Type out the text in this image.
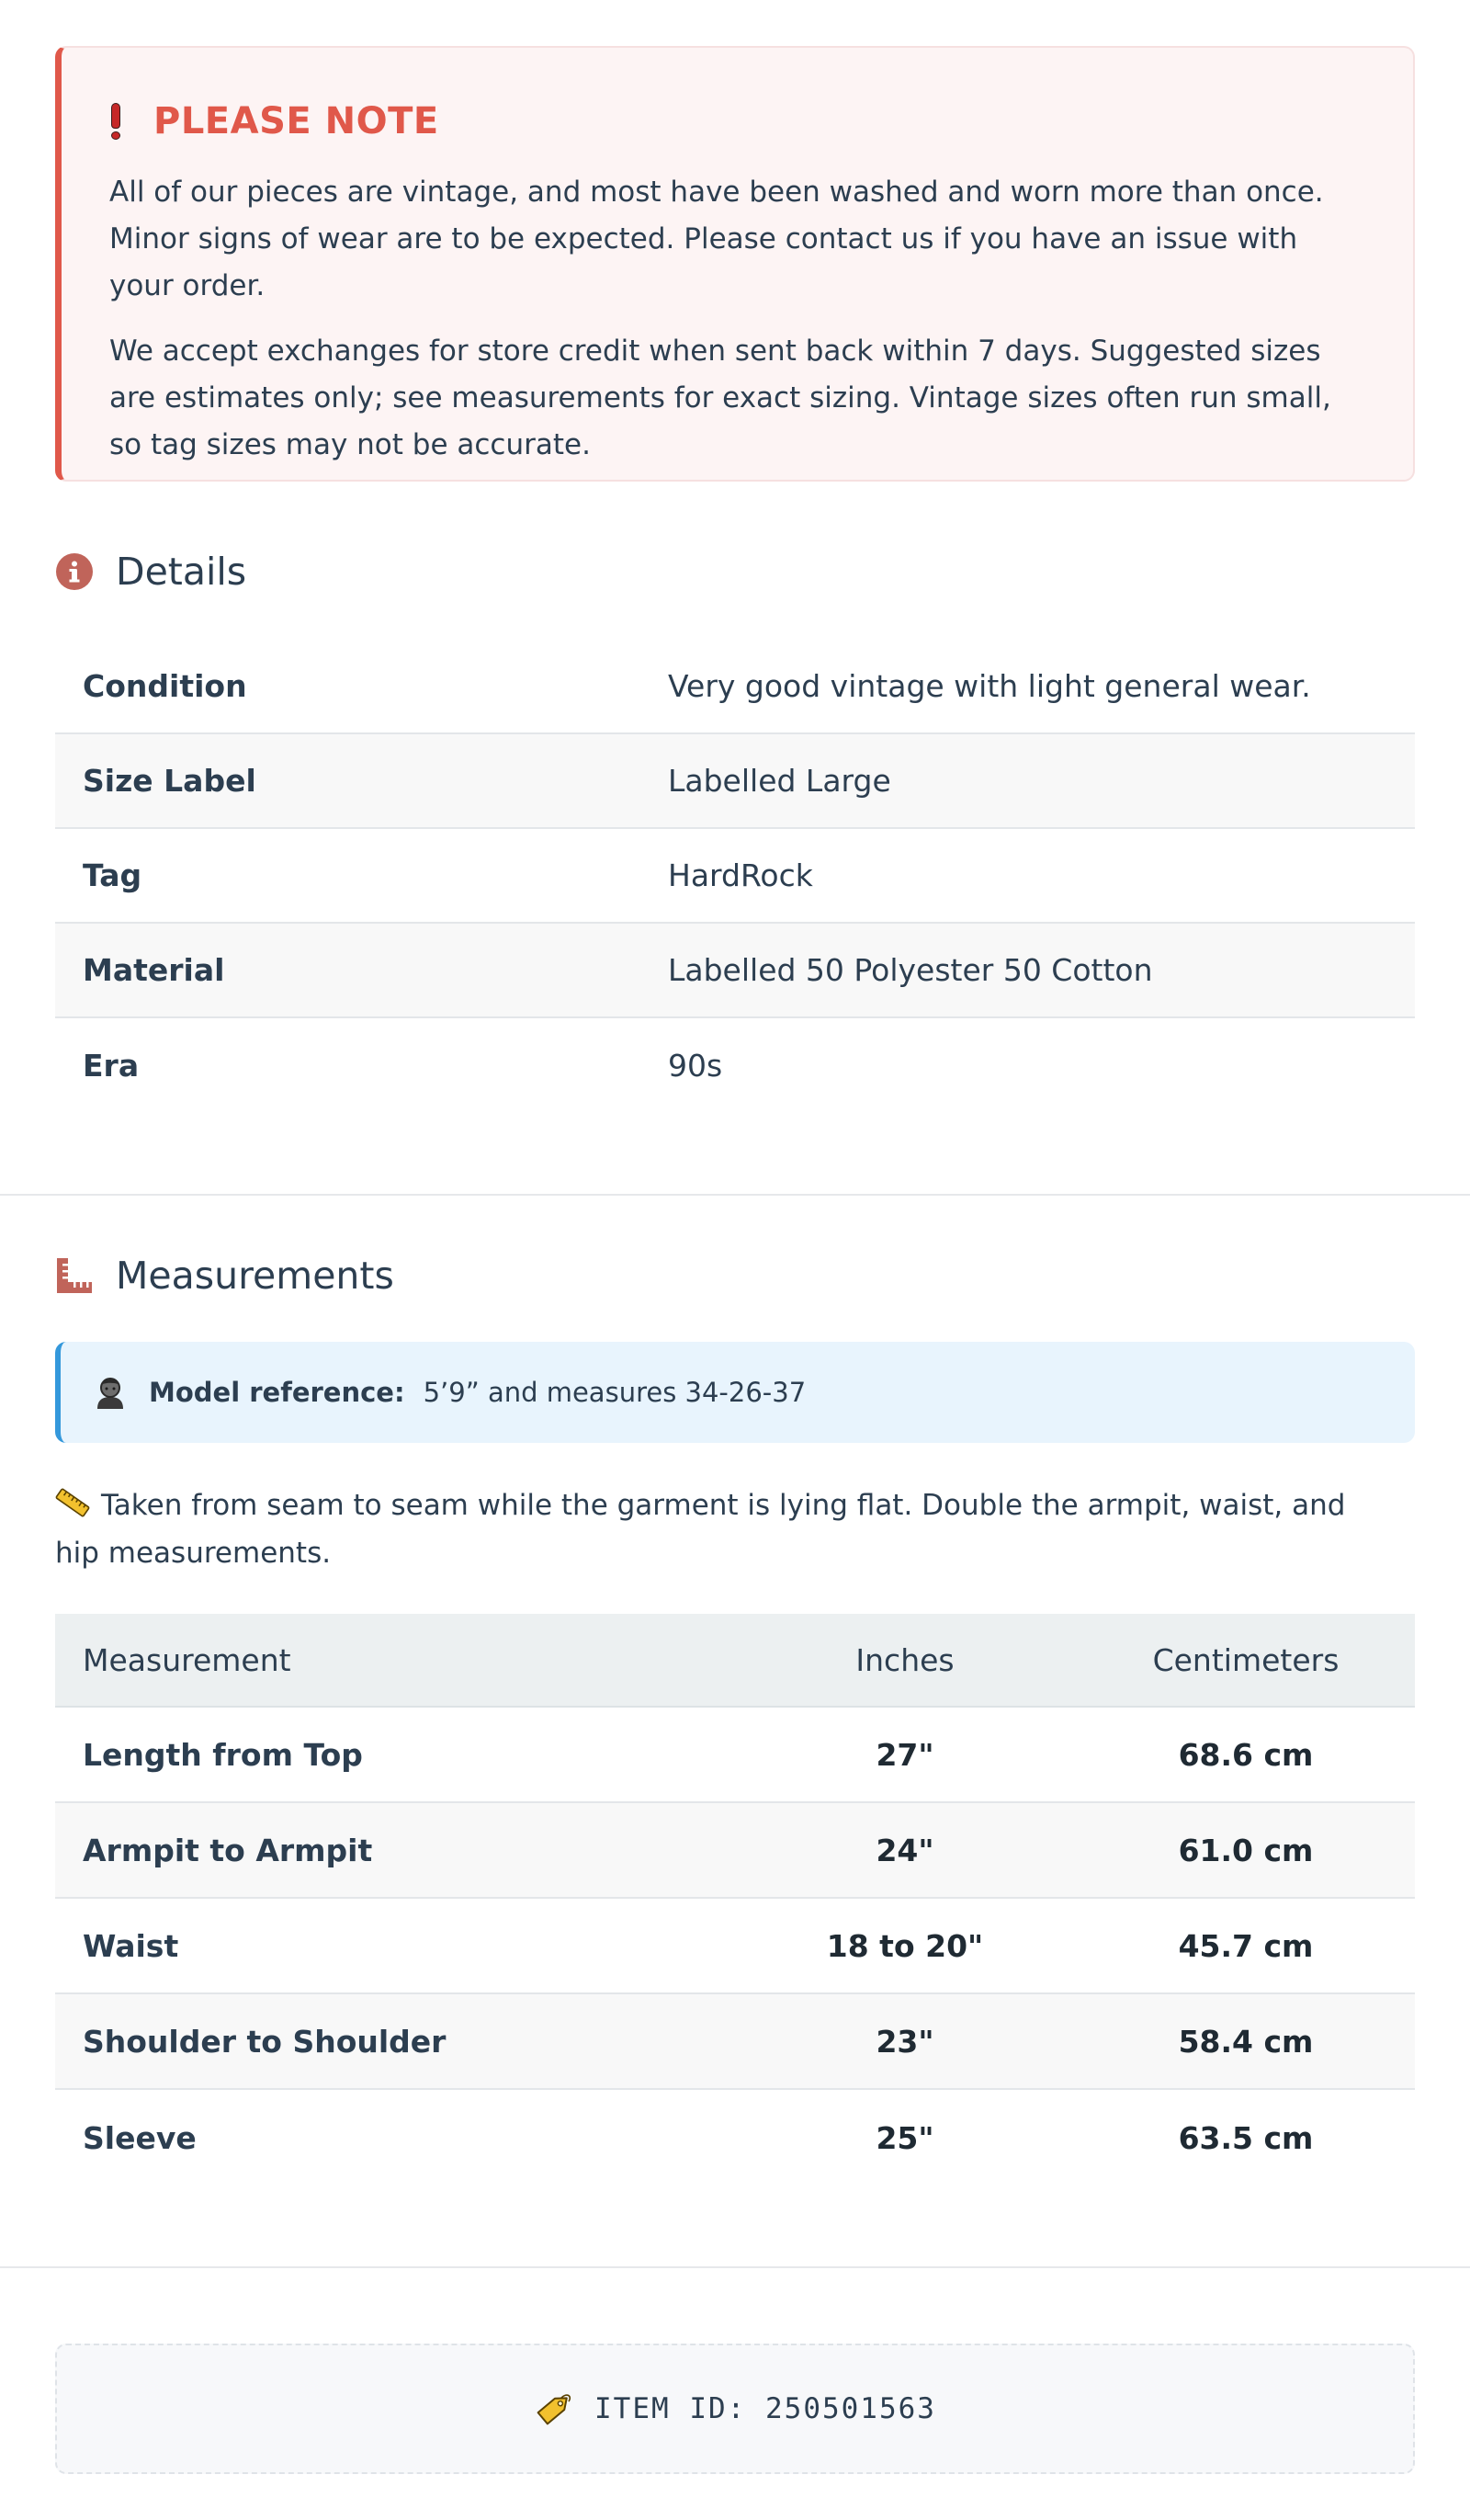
PLEASE NOTE

All of our pieces are vintage, and most have been washed and worn more than once. Minor signs of wear are to be expected. Please contact us if you have an issue with your order.

We accept exchanges for store credit when sent back within 7 days. Suggested sizes are estimates only; see measurements for exact sizing. Vintage sizes often run small, so tag sizes may not be accurate.

Details
Condition	Very good vintage with light general wear.
Size Label	Labelled Large
Tag	HardRock
Material	Labelled 50 Polyester 50 Cotton
Era	90s
Measurements
Model reference: 5’9” and measures 34-26-37
Taken from seam to seam while the garment is lying flat. Double the armpit, waist, and hip measurements.
Measurement	Inches	Centimeters
Length from Top	27"	68.6 cm
Armpit to Armpit	24"	61.0 cm
Waist	18 to 20"	45.7 cm
Shoulder to Shoulder	23"	58.4 cm
Sleeve	25"	63.5 cm
ITEM ID: 250501563
